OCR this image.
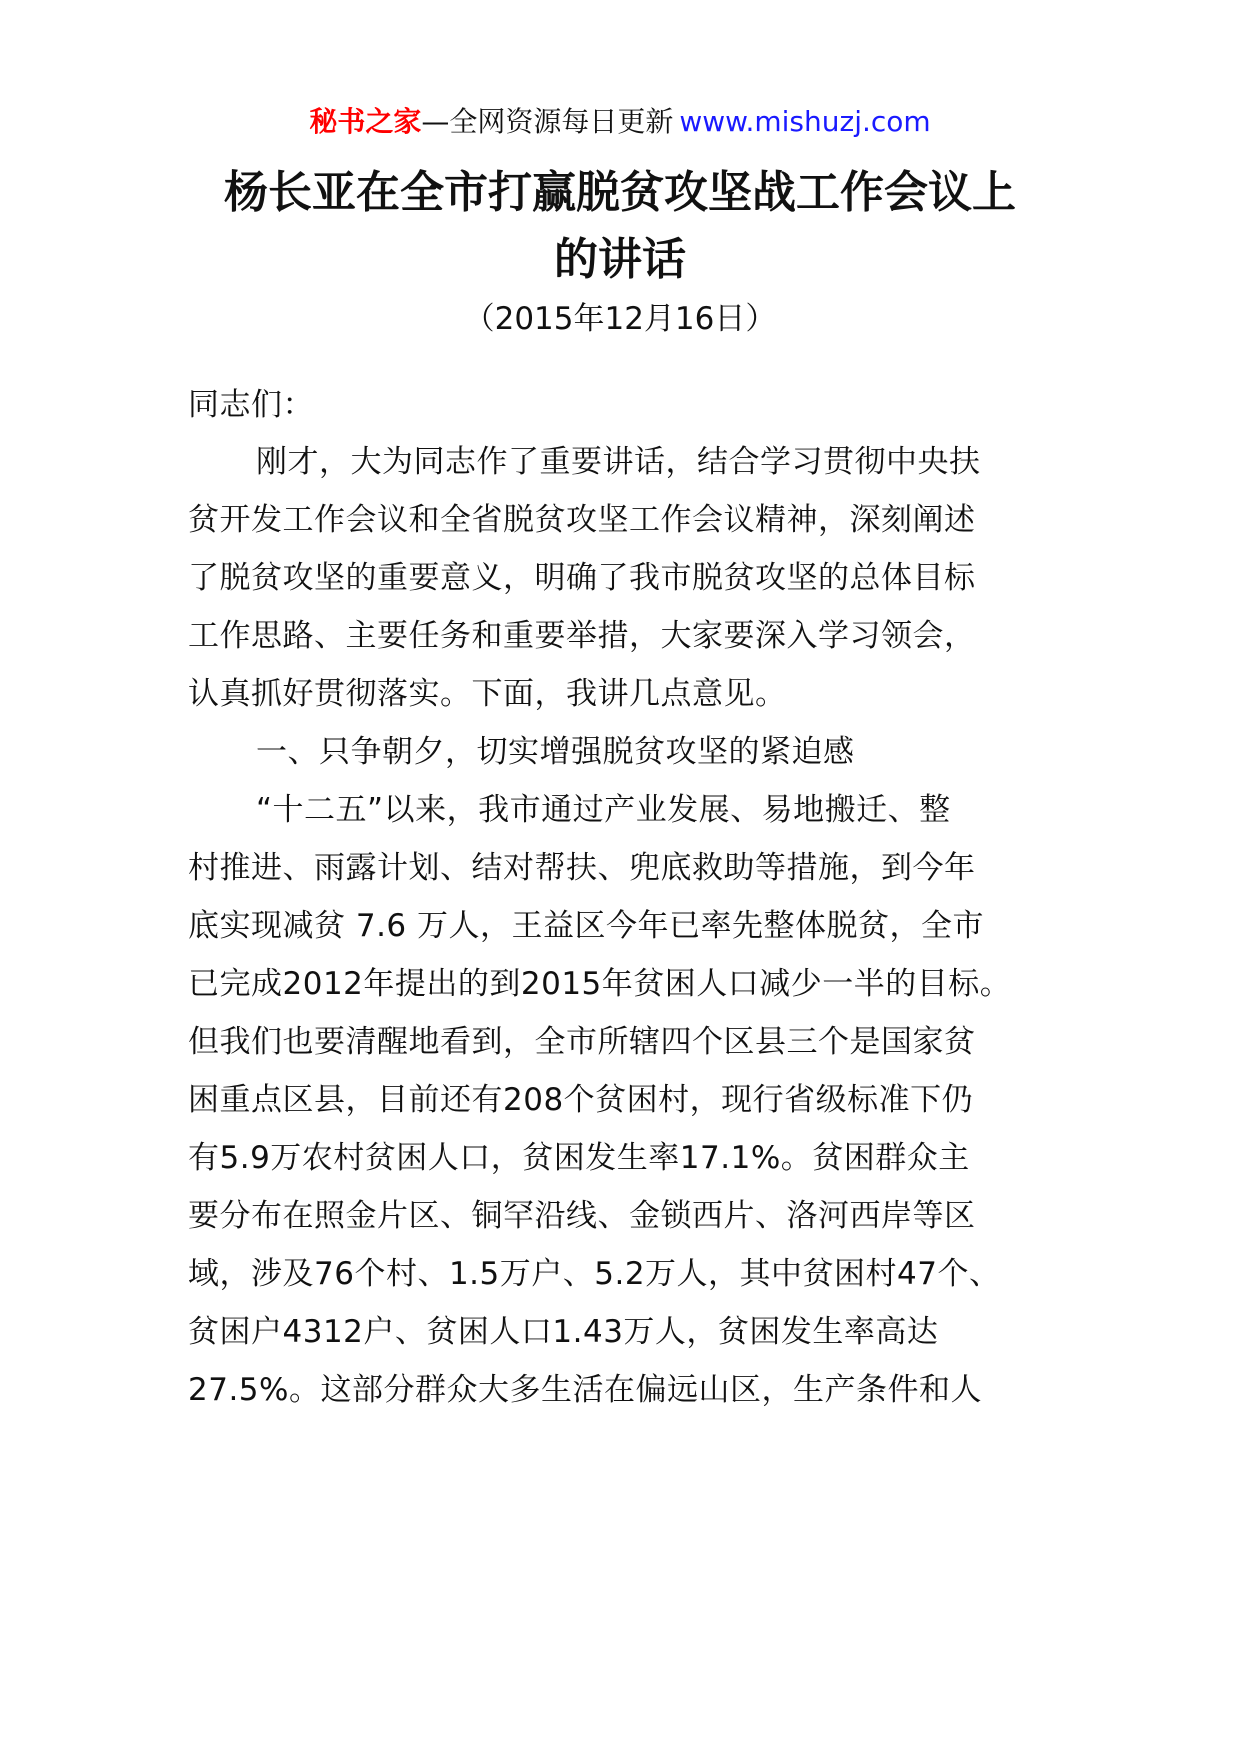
秘书之家—全网资源每日更新 www.mishuzj.com
杨长亚在全市打赢脱贫攻坚战工作会议上
的讲话
（2015年12月16日）
同志们：
刚才，大为同志作了重要讲话，结合学习贯彻中央扶
贫开发工作会议和全省脱贫攻坚工作会议精神，深刻阐述
了脱贫攻坚的重要意义，明确了我市脱贫攻坚的总体目标
工作思路、主要任务和重要举措，大家要深入学习领会，
认真抓好贯彻落实。下面，我讲几点意见。
一、只争朝夕，切实增强脱贫攻坚的紧迫感
“十二五”以来，我市通过产业发展、易地搬迁、整
村推进、雨露计划、结对帮扶、兜底救助等措施，到今年
底实现减贫 7.6 万人，王益区今年已率先整体脱贫，全市
已完成2012年提出的到2015年贫困人口减少一半的目标。
但我们也要清醒地看到，全市所辖四个区县三个是国家贫
困重点区县，目前还有208个贫困村，现行省级标准下仍
有5.9万农村贫困人口，贫困发生率17.1%。贫困群众主
要分布在照金片区、铜罕沿线、金锁西片、洛河西岸等区
域，涉及76个村、1.5万户、5.2万人，其中贫困村47个、
贫困户4312户、贫困人口1.43万人，贫困发生率高达
27.5%。这部分群众大多生活在偏远山区，生产条件和人
